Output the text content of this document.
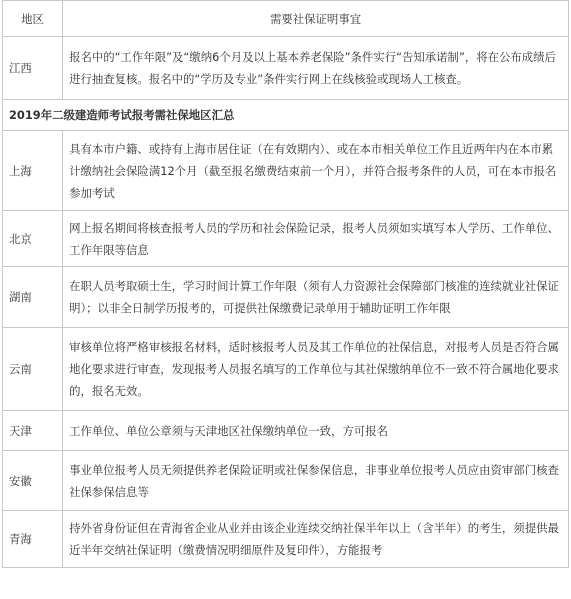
地区	需要社保证明事宜
江西	报名中的“工作年限”及“缴纳6个月及以上基本养老保险”条件实行“告知承诺制”，将在公布成绩后进行抽查复核。报名中的“学历及专业”条件实行网上在线核验或现场人工核查。
2019年二级建造师考试报考需社保地区汇总	
上海	具有本市户籍、或持有上海市居住证（在有效期内）、或在本市相关单位工作且近两年内在本市累计缴纳社会保险满12个月（截至报名缴费结束前一个月），并符合报考条件的人员，可在本市报名参加考试
北京	网上报名期间将核查报考人员的学历和社会保险记录，报考人员须如实填写本人学历、工作单位、工作年限等信息
湖南	在职人员考取硕士生，学习时间计算工作年限（须有人力资源社会保障部门核准的连续就业社保证明）；以非全日制学历报考的，可提供社保缴费记录单用于辅助证明工作年限
云南	审核单位将严格审核报名材料，适时核报考人员及其工作单位的社保信息，对报考人员是否符合属地化要求进行审查，发现报考人员报名填写的工作单位与其社保缴纳单位不一致不符合属地化要求的，报名无效。
天津	工作单位、单位公章须与天津地区社保缴纳单位一致，方可报名
安徽	事业单位报考人员无须提供养老保险证明或社保参保信息，非事业单位报考人员应由资审部门核查社保参保信息等
青海	持外省身份证但在青海省企业从业并由该企业连续交纳社保半年以上（含半年）的考生，须提供最近半年交纳社保证明（缴费情况明细原件及复印件），方能报考
